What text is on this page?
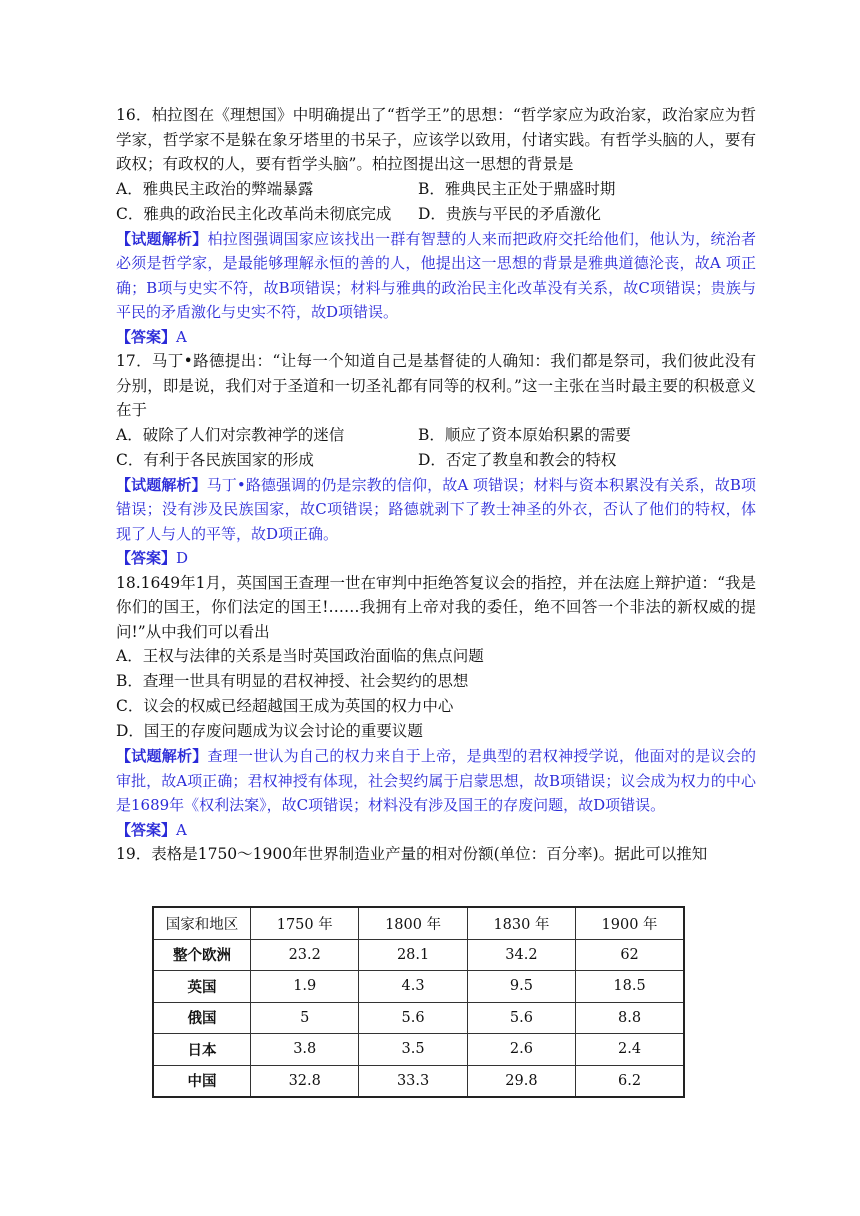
16．柏拉图在《理想国》中明确提出了“哲学王”的思想：“哲学家应为政治家，政治家应为哲学家，哲学家不是躲在象牙塔里的书呆子，应该学以致用，付诸实践。有哲学头脑的人，要有政权；有政权的人，要有哲学头脑”。柏拉图提出这一思想的背景是

A．雅典民主政治的弊端暴露	B．雅典民主正处于鼎盛时期
C．雅典的政治民主化改革尚未彻底完成	D．贵族与平民的矛盾激化

【试题解析】柏拉图强调国家应该找出一群有智慧的人来而把政府交托给他们，他认为，统治者必须是哲学家，是最能够理解永恒的善的人，他提出这一思想的背景是雅典道德沦丧，故A 项正确；B项与史实不符，故B项错误；材料与雅典的政治民主化改革没有关系，故C项错误；贵族与平民的矛盾激化与史实不符，故D项错误。

【答案】A

17．马丁•路德提出：“让每一个知道自己是基督徒的人确知：我们都是祭司，我们彼此没有分别，即是说，我们对于圣道和一切圣礼都有同等的权利。”这一主张在当时最主要的积极意义在于

A．破除了人们对宗教神学的迷信	B．顺应了资本原始积累的需要
C．有利于各民族国家的形成	D．否定了教皇和教会的特权

【试题解析】马丁•路德强调的仍是宗教的信仰，故A 项错误；材料与资本积累没有关系，故B项错误；没有涉及民族国家，故C项错误；路德就剥下了教士神圣的外衣，否认了他们的特权，体现了人与人的平等，故D项正确。

【答案】D

18.1649年1月，英国国王查理一世在审判中拒绝答复议会的指控，并在法庭上辩护道：“我是你们的国王，你们法定的国王!……我拥有上帝对我的委任，绝不回答一个非法的新权威的提问!”从中我们可以看出

A．王权与法律的关系是当时英国政治面临的焦点问题
B．查理一世具有明显的君权神授、社会契约的思想
C．议会的权威已经超越国王成为英国的权力中心
D．国王的存废问题成为议会讨论的重要议题

【试题解析】查理一世认为自己的权力来自于上帝，是典型的君权神授学说，他面对的是议会的审批，故A项正确；君权神授有体现，社会契约属于启蒙思想，故B项错误；议会成为权力的中心是1689年《权利法案》，故C项错误；材料没有涉及国王的存废问题，故D项错误。

【答案】A

19．表格是1750～1900年世界制造业产量的相对份额(单位：百分率)。据此可以推知

国家和地区	1750 年	1800 年	1830 年	1900 年
整个欧洲	23.2	28.1	34.2	62
英国	1.9	4.3	9.5	18.5
俄国	5	5.6	5.6	8.8
日本	3.8	3.5	2.6	2.4
中国	32.8	33.3	29.8	6.2
